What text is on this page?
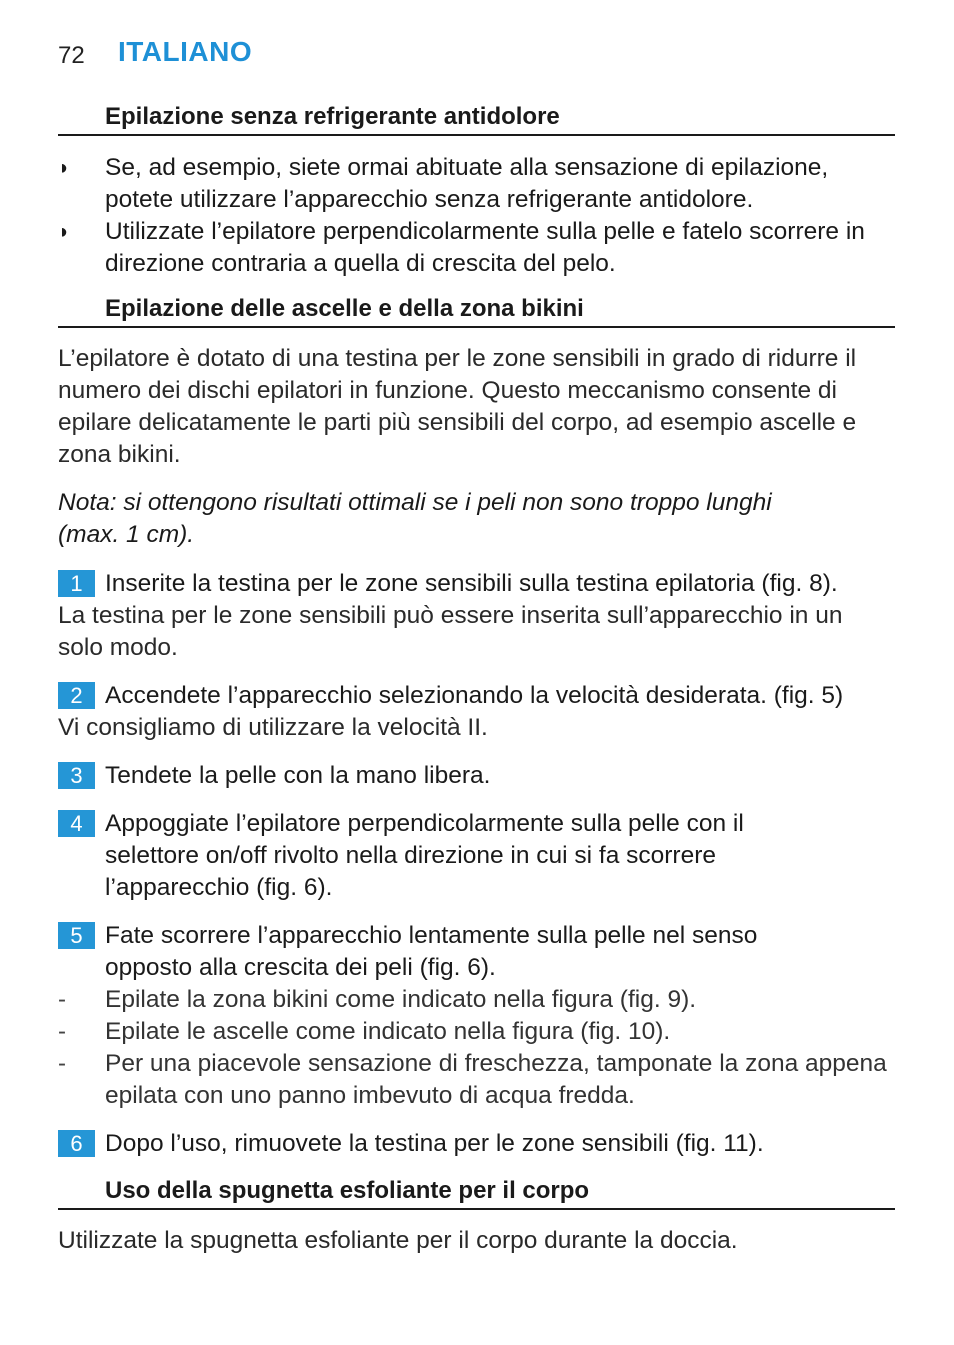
72 ITALIANO
Epilazione senza refrigerante antidolore
◗ Se, ad esempio, siete ormai abituate alla sensazione di epilazione, potete utilizzare l’apparecchio senza refrigerante antidolore.
◗ Utilizzate l’epilatore perpendicolarmente sulla pelle e fatelo scorrere in direzione contraria a quella di crescita del pelo.
Epilazione delle ascelle e della zona bikini
L’epilatore è dotato di una testina per le zone sensibili in grado di ridurre il numero dei dischi epilatori in funzione. Questo meccanismo consente di epilare delicatamente le parti più sensibili del corpo, ad esempio ascelle e zona bikini.
Nota: si ottengono risultati ottimali se i peli non sono troppo lunghi (max. 1 cm).
1 Inserite la testina per le zone sensibili sulla testina epilatoria (fig. 8).
La testina per le zone sensibili può essere inserita sull’apparecchio in un solo modo.
2 Accendete l’apparecchio selezionando la velocità desiderata. (fig. 5)
Vi consigliamo di utilizzare la velocità II.
3 Tendete la pelle con la mano libera.
4 Appoggiate l’epilatore perpendicolarmente sulla pelle con il selettore on/off rivolto nella direzione in cui si fa scorrere l’apparecchio (fig. 6).
5 Fate scorrere l’apparecchio lentamente sulla pelle nel senso opposto alla crescita dei peli (fig. 6).
- Epilate la zona bikini come indicato nella figura (fig. 9).
- Epilate le ascelle come indicato nella figura (fig. 10).
- Per una piacevole sensazione di freschezza, tamponate la zona appena epilata con uno panno imbevuto di acqua fredda.
6 Dopo l’uso, rimuovete la testina per le zone sensibili (fig. 11).
Uso della spugnetta esfoliante per il corpo
Utilizzate la spugnetta esfoliante per il corpo durante la doccia.
